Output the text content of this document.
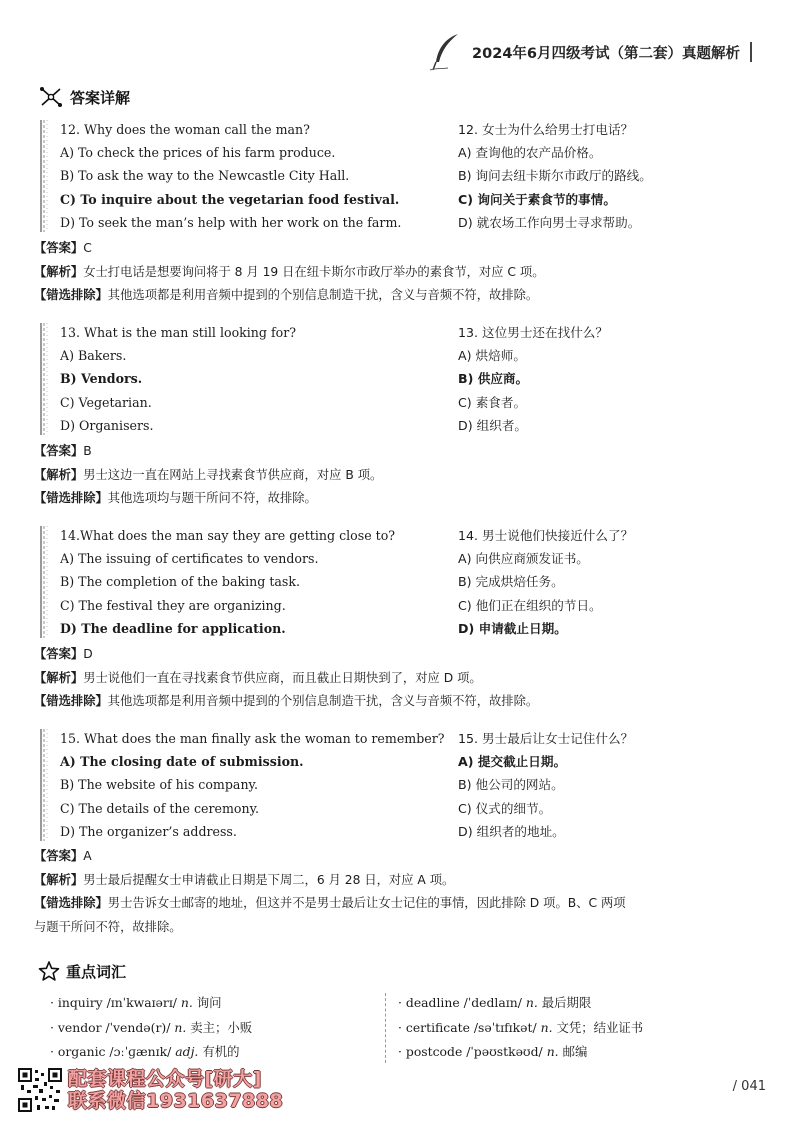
2024年6月四级考试（第二套）真题解析
答案详解
12. Why does the woman call the man?
A) To check the prices of his farm produce.
B) To ask the way to the Newcastle City Hall.
C) To inquire about the vegetarian food festival.
D) To seek the man’s help with her work on the farm.
12. 女士为什么给男士打电话？
A) 查询他的农产品价格。
B) 询问去纽卡斯尔市政厅的路线。
C) 询问关于素食节的事情。
D) 就农场工作向男士寻求帮助。
【答案】C
【解析】女士打电话是想要询问将于 8 月 19 日在纽卡斯尔市政厅举办的素食节，对应 C 项。
【错选排除】其他选项都是利用音频中提到的个别信息制造干扰，含义与音频不符，故排除。
13. What is the man still looking for?
A) Bakers.
B) Vendors.
C) Vegetarian.
D) Organisers.
13. 这位男士还在找什么？
A) 烘焙师。
B) 供应商。
C) 素食者。
D) 组织者。
【答案】B
【解析】男士这边一直在网站上寻找素食节供应商，对应 B 项。
【错选排除】其他选项均与题干所问不符，故排除。
14.What does the man say they are getting close to?
A) The issuing of certificates to vendors.
B) The completion of the baking task.
C) The festival they are organizing.
D) The deadline for application.
14. 男士说他们快接近什么了？
A) 向供应商颁发证书。
B) 完成烘焙任务。
C) 他们正在组织的节日。
D) 申请截止日期。
【答案】D
【解析】男士说他们一直在寻找素食节供应商，而且截止日期快到了，对应 D 项。
【错选排除】其他选项都是利用音频中提到的个别信息制造干扰，含义与音频不符，故排除。
15. What does the man finally ask the woman to remember?
A) The closing date of submission.
B) The website of his company.
C) The details of the ceremony.
D) The organizer’s address.
15. 男士最后让女士记住什么？
A) 提交截止日期。
B) 他公司的网站。
C) 仪式的细节。
D) 组织者的地址。
【答案】A
【解析】男士最后提醒女士申请截止日期是下周二，6 月 28 日，对应 A 项。
【错选排除】男士告诉女士邮寄的地址，但这并不是男士最后让女士记住的事情，因此排除 D 项。B、C 两项
与题干所问不符，故排除。
重点词汇
· inquiry /ɪnˈkwaɪərɪ/ n. 询问
· vendor /ˈvendə(r)/ n. 卖主；小贩
· organic /ɔːˈɡænɪk/ adj. 有机的
· deadline /ˈdedlaɪn/ n. 最后期限
· certificate /səˈtɪfɪkət/ n. 文凭；结业证书
· postcode /ˈpəʊstkəʊd/ n. 邮编
配套课程公众号[研大]
联系微信1931637888
/ 041
